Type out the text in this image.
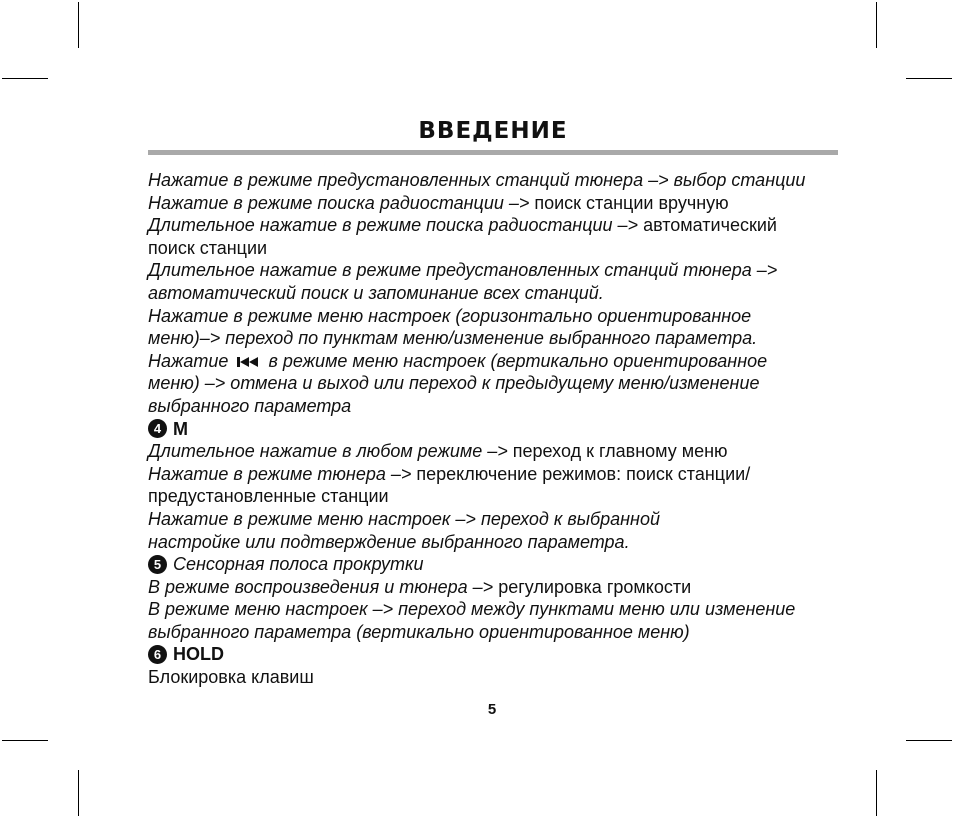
ВВЕДЕНИЕ
Нажатие в режиме предустановленных станций тюнера –> выбор станции
Нажатие в режиме поиска радиостанции –> поиск станции вручную
Длительное нажатие в режиме поиска радиостанции –> автоматический
поиск станции
Длительное нажатие в режиме предустановленных станций тюнера –>
автоматический поиск и запоминание всех станций.
Нажатие в режиме меню настроек (горизонтально ориентированное
меню)–> переход по пунктам меню/изменение выбранного параметра.
Нажатие в режиме меню настроек (вертикально ориентированное
меню) –> отмена и выход или переход к предыдущему меню/изменение
выбранного параметра
4 M
Длительное нажатие в любом режиме –> переход к главному меню
Нажатие в режиме тюнера –> переключение режимов: поиск станции/
предустановленные станции
Нажатие в режиме меню настроек –> переход к выбранной
настройке или подтверждение выбранного параметра.
5 Сенсорная полоса прокрутки
В режиме воспроизведения и тюнера –> регулировка громкости
В режиме меню настроек –> переход между пунктами меню или изменение
выбранного параметра (вертикально ориентированное меню)
6 HOLD
Блокировка клавиш
5
